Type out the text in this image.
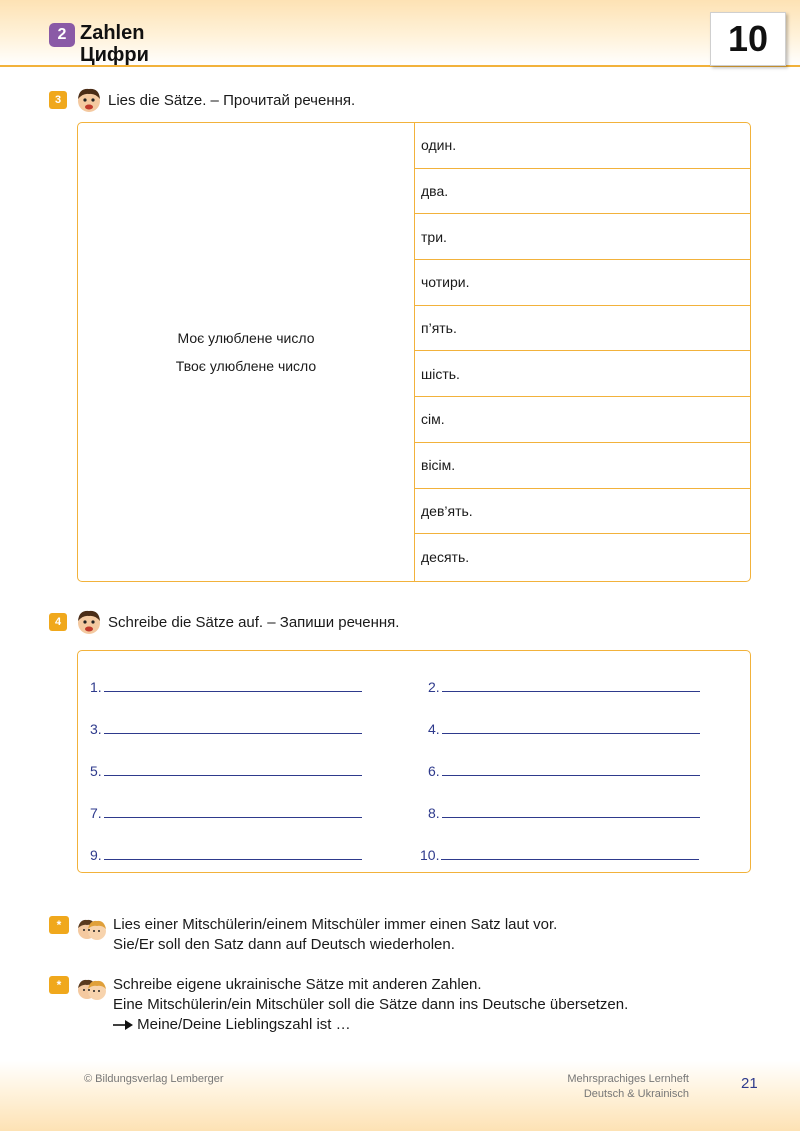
2 Zahlen
Цифри	10
3	Lies die Sätze. – Прочитай речення.
Моє улюблене число
Твоє улюблене число
один.
два.
три.
чотири.
п’ять.
шість.
сім.
вісім.
дев’ять.
десять.
4	Schreibe die Sätze auf. – Запиши речення.
1.	2.
3.	4.
5.	6.
7.	8.
9.	10.
*	Lies einer Mitschülerin/einem Mitschüler immer einen Satz laut vor.
Sie/Er soll den Satz dann auf Deutsch wiederholen.
*	Schreibe eigene ukrainische Sätze mit anderen Zahlen.
Eine Mitschülerin/ein Mitschüler soll die Sätze dann ins Deutsche übersetzen.
Meine/Deine Lieblingszahl ist …
© Bildungsverlag Lemberger	Mehrsprachiges Lernheft
Deutsch & Ukrainisch
21
